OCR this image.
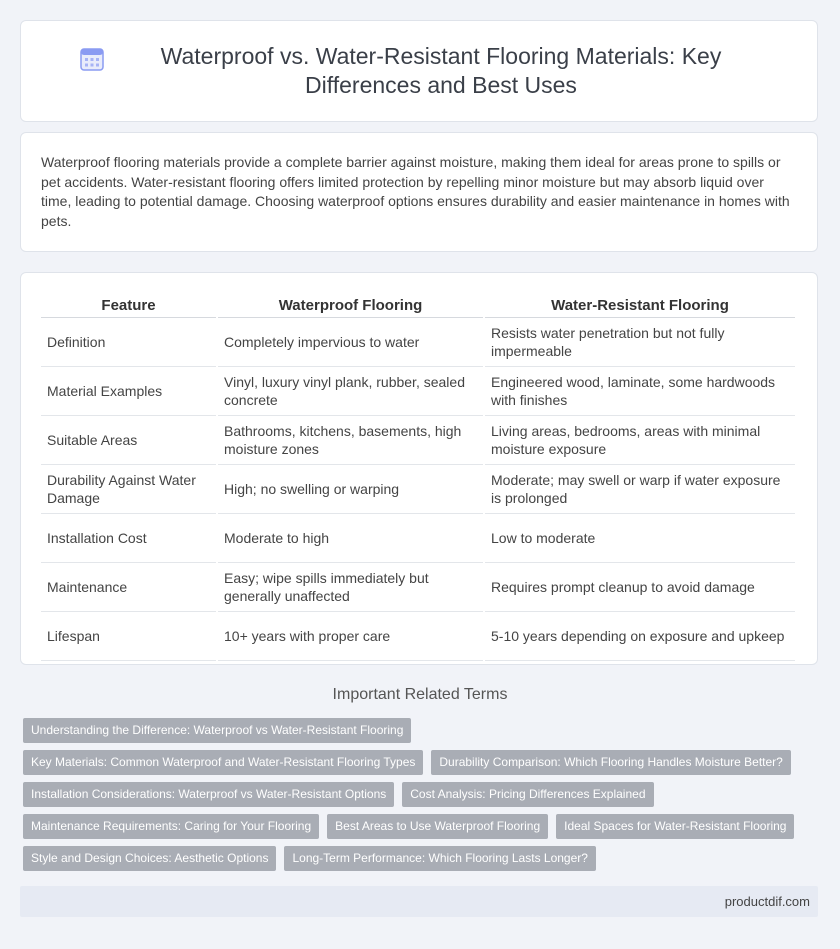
Waterproof vs. Water-Resistant Flooring Materials: Key Differences and Best Uses

Waterproof flooring materials provide a complete barrier against moisture, making them ideal for areas prone to spills or pet accidents. Water-resistant flooring offers limited protection by repelling minor moisture but may absorb liquid over time, leading to potential damage. Choosing waterproof options ensures durability and easier maintenance in homes with pets.

Feature	Waterproof Flooring	Water-Resistant Flooring
Definition	Completely impervious to water	Resists water penetration but not fully impermeable
Material Examples	Vinyl, luxury vinyl plank, rubber, sealed concrete	Engineered wood, laminate, some hardwoods with finishes
Suitable Areas	Bathrooms, kitchens, basements, high moisture zones	Living areas, bedrooms, areas with minimal moisture exposure
Durability Against Water Damage	High; no swelling or warping	Moderate; may swell or warp if water exposure is prolonged
Installation Cost	Moderate to high	Low to moderate
Maintenance	Easy; wipe spills immediately but generally unaffected	Requires prompt cleanup to avoid damage
Lifespan	10+ years with proper care	5-10 years depending on exposure and upkeep
Important Related Terms
Understanding the Difference: Waterproof vs Water-Resistant Flooring
Key Materials: Common Waterproof and Water-Resistant Flooring Types	Durability Comparison: Which Flooring Handles Moisture Better?
Installation Considerations: Waterproof vs Water-Resistant Options	Cost Analysis: Pricing Differences Explained
Maintenance Requirements: Caring for Your Flooring	Best Areas to Use Waterproof Flooring	Ideal Spaces for Water-Resistant Flooring
Style and Design Choices: Aesthetic Options	Long-Term Performance: Which Flooring Lasts Longer?
productdif.com
